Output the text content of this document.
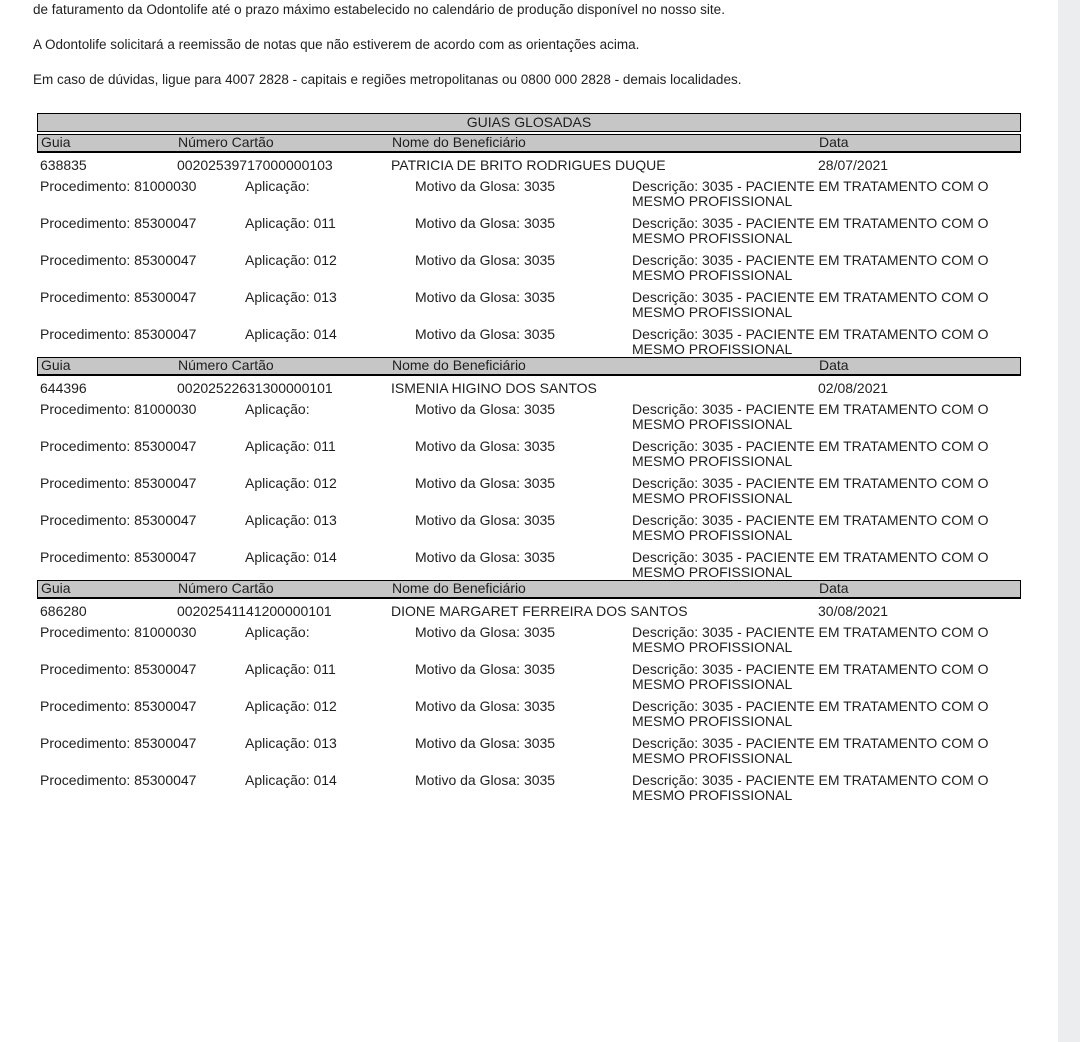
de faturamento da Odontolife até o prazo máximo estabelecido no calendário de produção disponível no nosso site.

A Odontolife solicitará a reemissão de notas que não estiverem de acordo com as orientações acima.

Em caso de dúvidas, ligue para 4007 2828 - capitais e regiões metropolitanas ou 0800 000 2828 - demais localidades.

GUIAS GLOSADAS
Guia	Número Cartão	Nome do Beneficiário	Data
638835	00202539717000000103	PATRICIA DE BRITO RODRIGUES DUQUE	28/07/2021
Procedimento: 81000030	Aplicação:	Motivo da Glosa: 3035	Descrição: 3035 - PACIENTE EM TRATAMENTO COM O MESMO PROFISSIONAL
Procedimento: 85300047	Aplicação: 011	Motivo da Glosa: 3035	Descrição: 3035 - PACIENTE EM TRATAMENTO COM O MESMO PROFISSIONAL
Procedimento: 85300047	Aplicação: 012	Motivo da Glosa: 3035	Descrição: 3035 - PACIENTE EM TRATAMENTO COM O MESMO PROFISSIONAL
Procedimento: 85300047	Aplicação: 013	Motivo da Glosa: 3035	Descrição: 3035 - PACIENTE EM TRATAMENTO COM O MESMO PROFISSIONAL
Procedimento: 85300047	Aplicação: 014	Motivo da Glosa: 3035	Descrição: 3035 - PACIENTE EM TRATAMENTO COM O MESMO PROFISSIONAL
Guia	Número Cartão	Nome do Beneficiário	Data
644396	00202522631300000101	ISMENIA HIGINO DOS SANTOS	02/08/2021
Procedimento: 81000030	Aplicação:	Motivo da Glosa: 3035	Descrição: 3035 - PACIENTE EM TRATAMENTO COM O MESMO PROFISSIONAL
Procedimento: 85300047	Aplicação: 011	Motivo da Glosa: 3035	Descrição: 3035 - PACIENTE EM TRATAMENTO COM O MESMO PROFISSIONAL
Procedimento: 85300047	Aplicação: 012	Motivo da Glosa: 3035	Descrição: 3035 - PACIENTE EM TRATAMENTO COM O MESMO PROFISSIONAL
Procedimento: 85300047	Aplicação: 013	Motivo da Glosa: 3035	Descrição: 3035 - PACIENTE EM TRATAMENTO COM O MESMO PROFISSIONAL
Procedimento: 85300047	Aplicação: 014	Motivo da Glosa: 3035	Descrição: 3035 - PACIENTE EM TRATAMENTO COM O MESMO PROFISSIONAL
Guia	Número Cartão	Nome do Beneficiário	Data
686280	00202541141200000101	DIONE MARGARET FERREIRA DOS SANTOS	30/08/2021
Procedimento: 81000030	Aplicação:	Motivo da Glosa: 3035	Descrição: 3035 - PACIENTE EM TRATAMENTO COM O MESMO PROFISSIONAL
Procedimento: 85300047	Aplicação: 011	Motivo da Glosa: 3035	Descrição: 3035 - PACIENTE EM TRATAMENTO COM O MESMO PROFISSIONAL
Procedimento: 85300047	Aplicação: 012	Motivo da Glosa: 3035	Descrição: 3035 - PACIENTE EM TRATAMENTO COM O MESMO PROFISSIONAL
Procedimento: 85300047	Aplicação: 013	Motivo da Glosa: 3035	Descrição: 3035 - PACIENTE EM TRATAMENTO COM O MESMO PROFISSIONAL
Procedimento: 85300047	Aplicação: 014	Motivo da Glosa: 3035	Descrição: 3035 - PACIENTE EM TRATAMENTO COM O MESMO PROFISSIONAL
